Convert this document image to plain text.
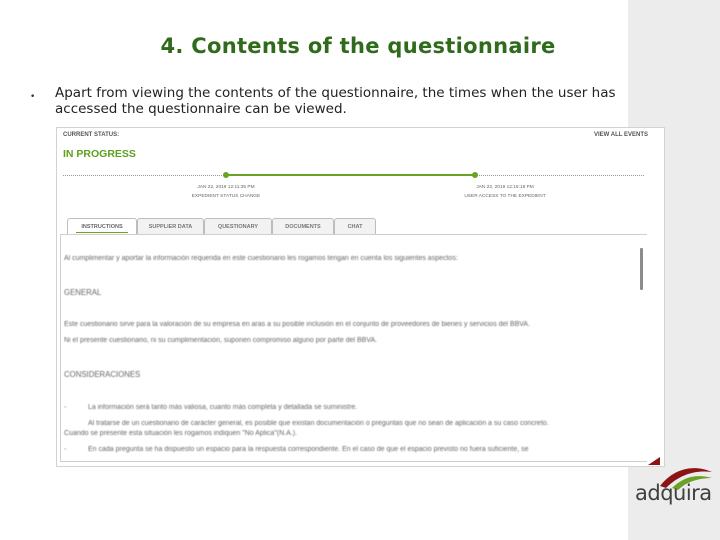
4. Contents of the questionnaire
• Apart from viewing the contents of the questionnaire, the times when the user has accessed the questionnaire can be viewed.
CURRENT STATUS:	VIEW ALL EVENTS
IN PROGRESS
JAN 22, 2019 12:11:35 PM
EXPEDIENT STATUS CHANGE
JAN 23, 2019 12:16:18 PM
USER ACCESS TO THE EXPEDIENT
INSTRUCTIONS	SUPPLIER DATA	QUESTIONARY	DOCUMENTS	CHAT
Al cumplimentar y aportar la información requerida en este cuestionario les rogamos tengan en cuenta los siguientes aspectos:
GENERAL
Este cuestionario sirve para la valoración de su empresa en aras a su posible inclusión en el conjunto de proveedores de bienes y servicios del BBVA.
Ni el presente cuestionario, ni su cumplimentación, suponen compromiso alguno por parte del BBVA.
CONSIDERACIONES
-	La información será tanto más valiosa, cuanto más completa y detallada se suministre.
Al tratarse de un cuestionario de carácter general, es posible que existan documentación o preguntas que no sean de aplicación a su caso concreto.
Cuando se presente esta situación les rogamos indiquen "No Aplica"(N.A.).
-	En cada pregunta se ha dispuesto un espacio para la respuesta correspondiente. En el caso de que el espacio previsto no fuera suficiente, se
adquira
